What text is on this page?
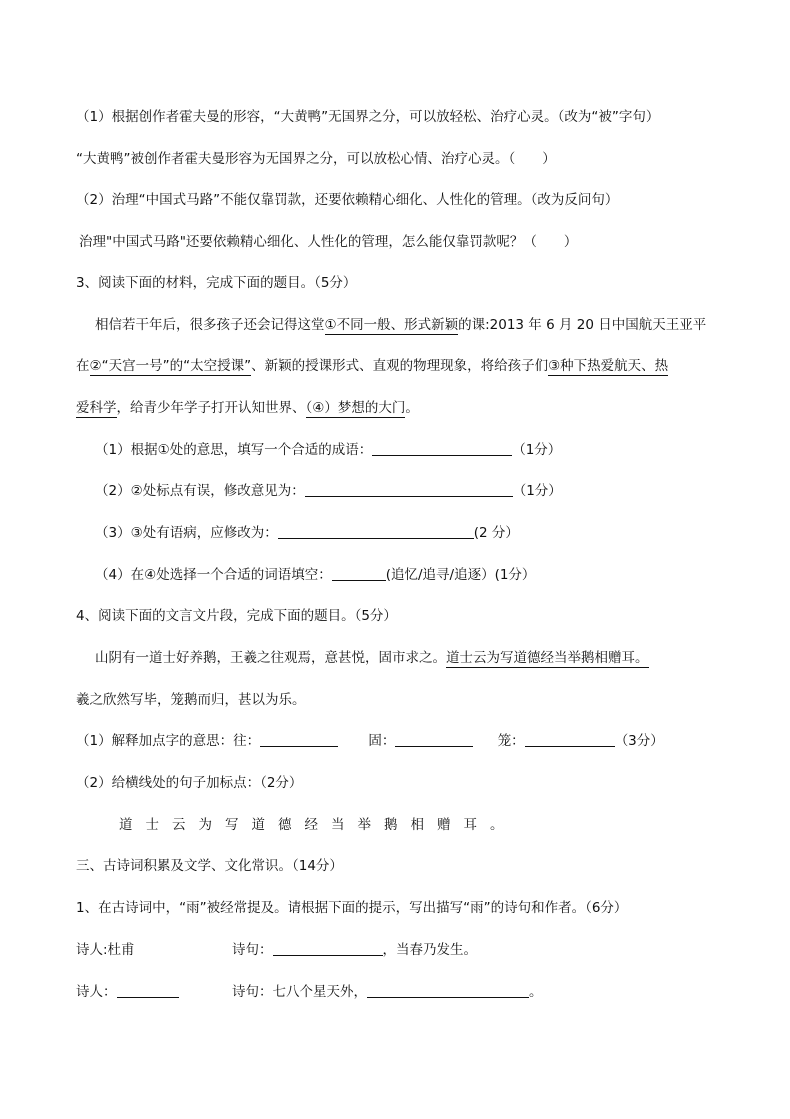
（1）根据创作者霍夫曼的形容，“大黄鸭”无国界之分，可以放轻松、治疗心灵。（改为“被”字句）
“大黄鸭”被创作者霍夫曼形容为无国界之分，可以放松心情、治疗心灵。（　　）
（2）治理“中国式马路”不能仅靠罚款，还要依赖精心细化、人性化的管理。（改为反问句）
治理"中国式马路"还要依赖精心细化、人性化的管理，怎么能仅靠罚款呢？（　　）
3、阅读下面的材料，完成下面的题目。（5分）
相信若干年后，很多孩子还会记得这堂①不同一般、形式新颖的课:2013 年 6 月 20 日中国航天王亚平
在②“天宫一号”的“太空授课”、新颖的授课形式、直观的物理现象，将给孩子们③种下热爱航天、热
爱科学，给青少年学子打开认知世界、（④）梦想的大门。
（1）根据①处的意思，填写一个合适的成语：	（1分）
（2）②处标点有误，修改意见为：	（1分）
（3）③处有语病，应修改为：	(2 分）
（4）在④处选择一个合适的词语填空：	(追忆/追寻/追逐）(1分）
4、阅读下面的文言文片段，完成下面的题目。（5分）
山阴有一道士好养鹅，王羲之往观焉，意甚悦，固市求之。道士云为写道德经当举鹅相赠耳。
羲之欣然写毕，笼鹅而归，甚以为乐。
（1）解释加点字的意思：往：	固：	笼：	（3分）
（2）给横线处的句子加标点：（2分）
道士云为写道德经当举鹅相赠耳。
三、古诗词积累及文学、文化常识。（14分）
1、在古诗词中，“雨”被经常提及。请根据下面的提示，写出描写“雨”的诗句和作者。（6分）
诗人:杜甫	诗句：	，当春乃发生。
诗人：	诗句：七八个星天外，	。
